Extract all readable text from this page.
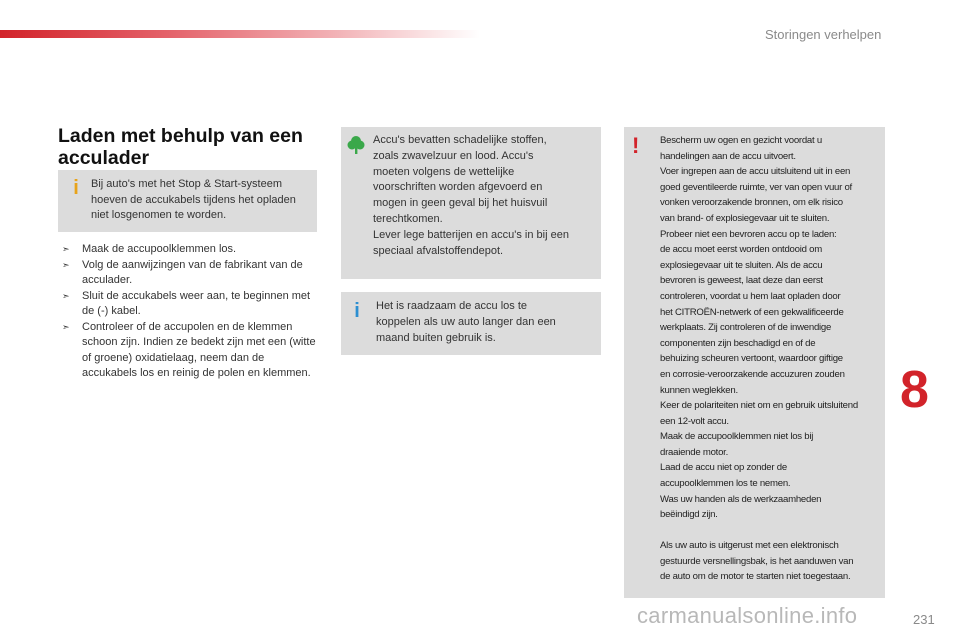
Storingen verhelpen
Laden met behulp van een
acculader
i Bij auto's met het Stop & Start-systeem hoeven de accukabels tijdens het opladen niet losgenomen te worden.
➣ Maak de accupoolklemmen los.
➣ Volg de aanwijzingen van de fabrikant van de acculader.
➣ Sluit de accukabels weer aan, te beginnen met de (-) kabel.
➣ Controleer of de accupolen en de klemmen schoon zijn. Indien ze bedekt zijn met een (witte of groene) oxidatielaag, neem dan de accukabels los en reinig de polen en klemmen.
Accu's bevatten schadelijke stoffen,
zoals zwavelzuur en lood. Accu's
moeten volgens de wettelijke
voorschriften worden afgevoerd en
mogen in geen geval bij het huisvuil
terechtkomen.
Lever lege batterijen en accu's in bij een
speciaal afvalstoffendepot.
i Het is raadzaam de accu los te
koppelen als uw auto langer dan een
maand buiten gebruik is.
! Bescherm uw ogen en gezicht voordat u
handelingen aan de accu uitvoert.
Voer ingrepen aan de accu uitsluitend uit in een
goed geventileerde ruimte, ver van open vuur of
vonken veroorzakende bronnen, om elk risico
van brand- of explosiegevaar uit te sluiten.
Probeer niet een bevroren accu op te laden:
de accu moet eerst worden ontdooid om
explosiegevaar uit te sluiten. Als de accu
bevroren is geweest, laat deze dan eerst
controleren, voordat u hem laat opladen door
het CITROËN-netwerk of een gekwalificeerde
werkplaats. Zij controleren of de inwendige
componenten zijn beschadigd en of de
behuizing scheuren vertoont, waardoor giftige
en corrosie-veroorzakende accuzuren zouden
kunnen weglekken.
Keer de polariteiten niet om en gebruik uitsluitend
een 12-volt accu.
Maak de accupoolklemmen niet los bij
draaiende motor.
Laad de accu niet op zonder de
accupoolklemmen los te nemen.
Was uw handen als de werkzaamheden
beëindigd zijn.
Als uw auto is uitgerust met een elektronisch
gestuurde versnellingsbak, is het aanduwen van
de auto om de motor te starten niet toegestaan.
8
231
carmanualsonline.info
